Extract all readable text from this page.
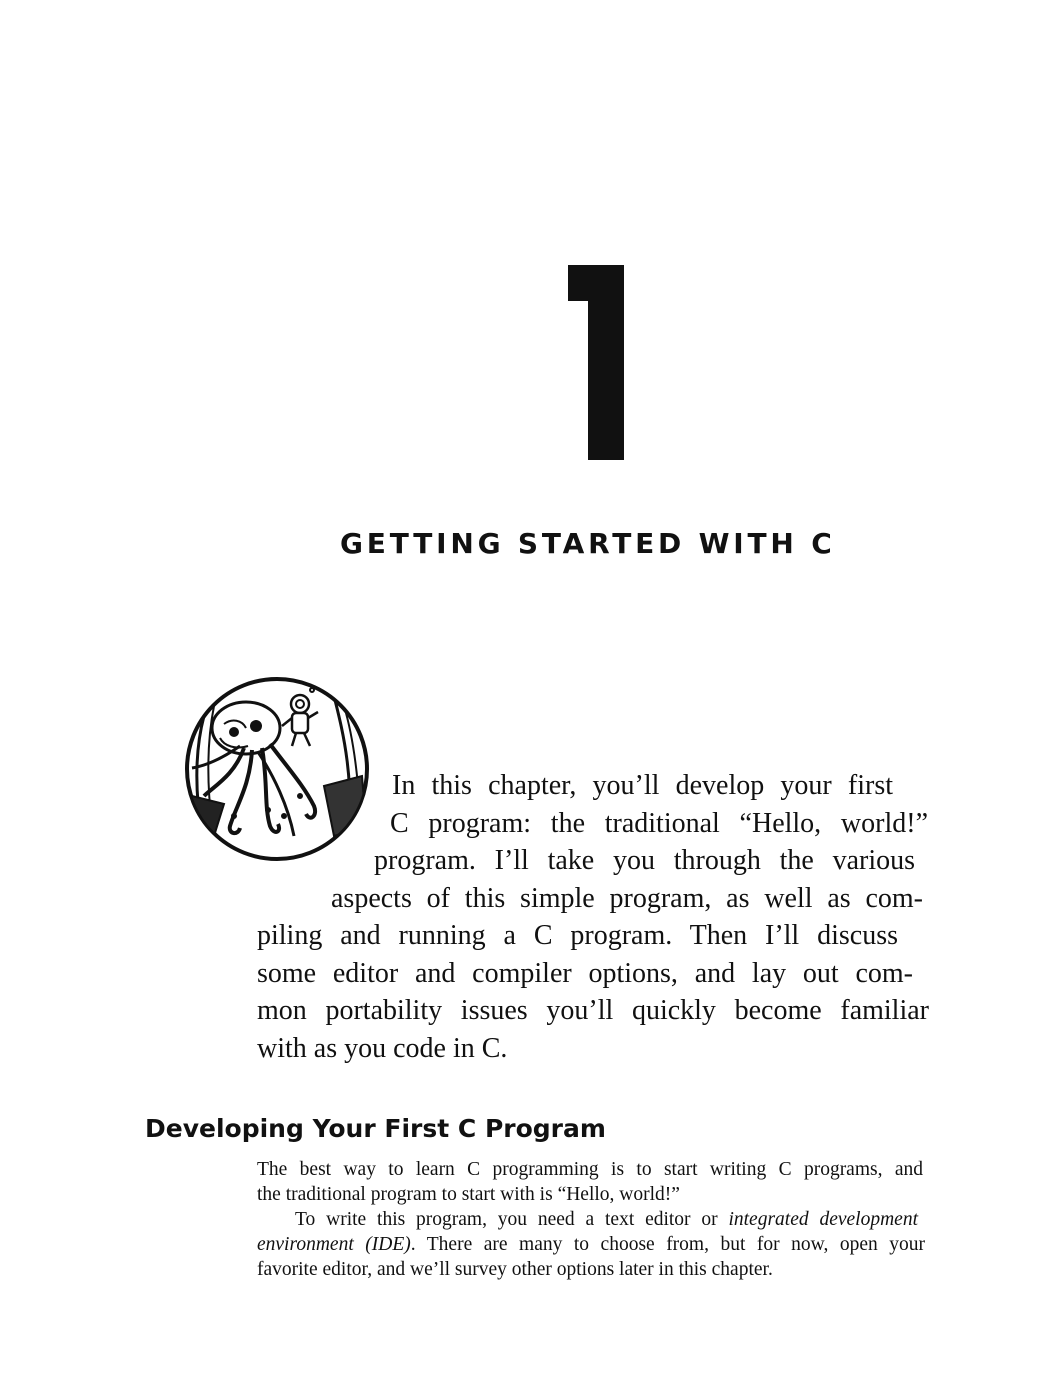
GETTING STARTED WITH C
In this chapter, you’ll develop your first
C program: the traditional “Hello, world!”
program. I’ll take you through the various
aspects of this simple program, as well as com-
piling and running a C program. Then I’ll discuss
some editor and compiler options, and lay out com-
mon portability issues you’ll quickly become familiar
with as you code in C.
Developing Your First C Program
The best way to learn C programming is to start writing C programs, and
the traditional program to start with is “Hello, world!”
To write this program, you need a text editor or integrated development
environment (IDE). There are many to choose from, but for now, open your
favorite editor, and we’ll survey other options later in this chapter.
